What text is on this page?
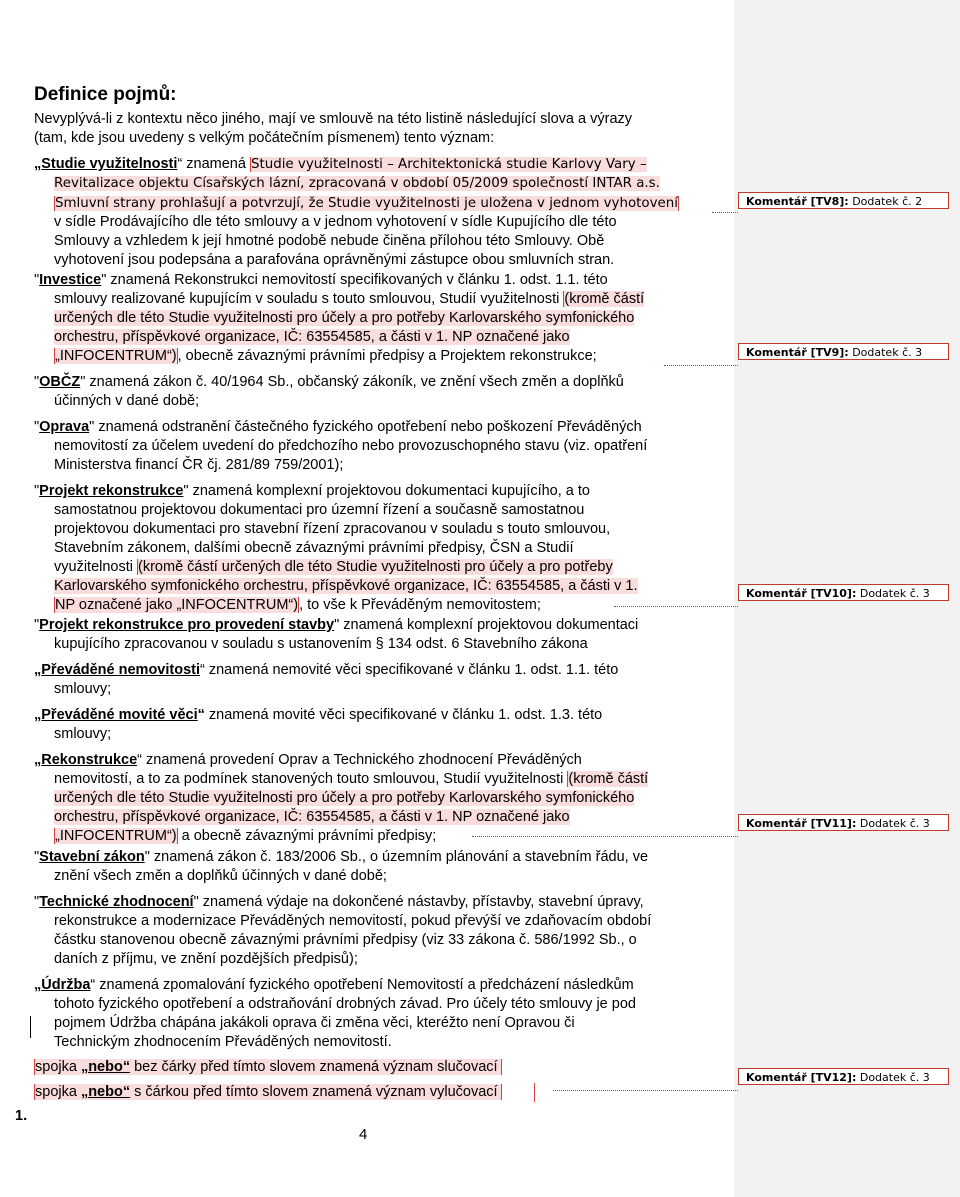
Definice pojmů:
Nevyplývá-li z kontextu něco jiného, mají ve smlouvě na této listině následující slova a výrazy
(tam, kde jsou uvedeny s velkým počátečním písmenem) tento význam:
„Studie využitelnosti“ znamená Studie využitelnosti – Architektonická studie Karlovy Vary –
Revitalizace objektu Císařských lázní, zpracovaná v období 05/2009 společností INTAR a.s.
Smluvní strany prohlašují a potvrzují, že Studie využitelnosti je uložena v jednom vyhotovení
v sídle Prodávajícího dle této smlouvy a v jednom vyhotovení v sídle Kupujícího dle této
Smlouvy a vzhledem k její hmotné podobě nebude činěna přílohou této Smlouvy. Obě
vyhotovení jsou podepsána a parafována oprávněnými zástupce obou smluvních stran.
"Investice" znamená Rekonstrukci nemovitostí specifikovaných v článku 1. odst. 1.1. této
smlouvy realizované kupujícím v souladu s touto smlouvou, Studií využitelnosti (kromě částí
určených dle této Studie využitelnosti pro účely a pro potřeby Karlovarského symfonického
orchestru, příspěvkové organizace, IČ: 63554585, a části v 1. NP označené jako
„INFOCENTRUM“), obecně závaznými právními předpisy a Projektem rekonstrukce;
"OBČZ" znamená zákon č. 40/1964 Sb., občanský zákoník, ve znění všech změn a doplňků
účinných v dané době;
"Oprava" znamená odstranění částečného fyzického opotřebení nebo poškození Převáděných
nemovitostí za účelem uvedení do předchozího nebo provozuschopného stavu (viz. opatření
Ministerstva financí ČR čj. 281/89 759/2001);
"Projekt rekonstrukce" znamená komplexní projektovou dokumentaci kupujícího, a to
samostatnou projektovou dokumentaci pro územní řízení a současně samostatnou
projektovou dokumentaci pro stavební řízení zpracovanou v souladu s touto smlouvou,
Stavebním zákonem, dalšími obecně závaznými právními předpisy, ČSN a Studií
využitelnosti (kromě částí určených dle této Studie využitelnosti pro účely a pro potřeby
Karlovarského symfonického orchestru, příspěvkové organizace, IČ: 63554585, a části v 1.
NP označené jako „INFOCENTRUM“), to vše k Převáděným nemovitostem;
"Projekt rekonstrukce pro provedení stavby" znamená komplexní projektovou dokumentaci
kupujícího zpracovanou v souladu s ustanovením § 134 odst. 6 Stavebního zákona
„Převáděné nemovitosti“ znamená nemovité věci specifikované v článku 1. odst. 1.1. této
smlouvy;
„Převáděné movité věci“ znamená movité věci specifikované v článku 1. odst. 1.3. této
smlouvy;
„Rekonstrukce“ znamená provedení Oprav a Technického zhodnocení Převáděných
nemovitostí, a to za podmínek stanovených touto smlouvou, Studií využitelnosti (kromě částí
určených dle této Studie využitelnosti pro účely a pro potřeby Karlovarského symfonického
orchestru, příspěvkové organizace, IČ: 63554585, a části v 1. NP označené jako
„INFOCENTRUM“) a obecně závaznými právními předpisy;
"Stavební zákon" znamená zákon č. 183/2006 Sb., o územním plánování a stavebním řádu, ve
znění všech změn a doplňků účinných v dané době;
"Technické zhodnocení" znamená výdaje na dokončené nástavby, přístavby, stavební úpravy,
rekonstrukce a modernizace Převáděných nemovitostí, pokud převýší ve zdaňovacím období
částku stanovenou obecně závaznými právními předpisy (viz 33 zákona č. 586/1992 Sb., o
daních z příjmu, ve znění pozdějších předpisů);
„Údržba“ znamená zpomalování fyzického opotřebení Nemovitostí a předcházení následkům
tohoto fyzického opotřebení a odstraňování drobných závad. Pro účely této smlouvy je pod
pojmem Údržba chápána jakákoli oprava či změna věci, kteréžto není Opravou či
Technickým zhodnocením Převáděných nemovitostí.
spojka „nebo“ bez čárky před tímto slovem znamená význam slučovací
spojka „nebo“ s čárkou před tímto slovem znamená význam vylučovací
1.
4
Komentář [TV8]: Dodatek č. 2
Komentář [TV9]: Dodatek č. 3
Komentář [TV10]: Dodatek č. 3
Komentář [TV11]: Dodatek č. 3
Komentář [TV12]: Dodatek č. 3
